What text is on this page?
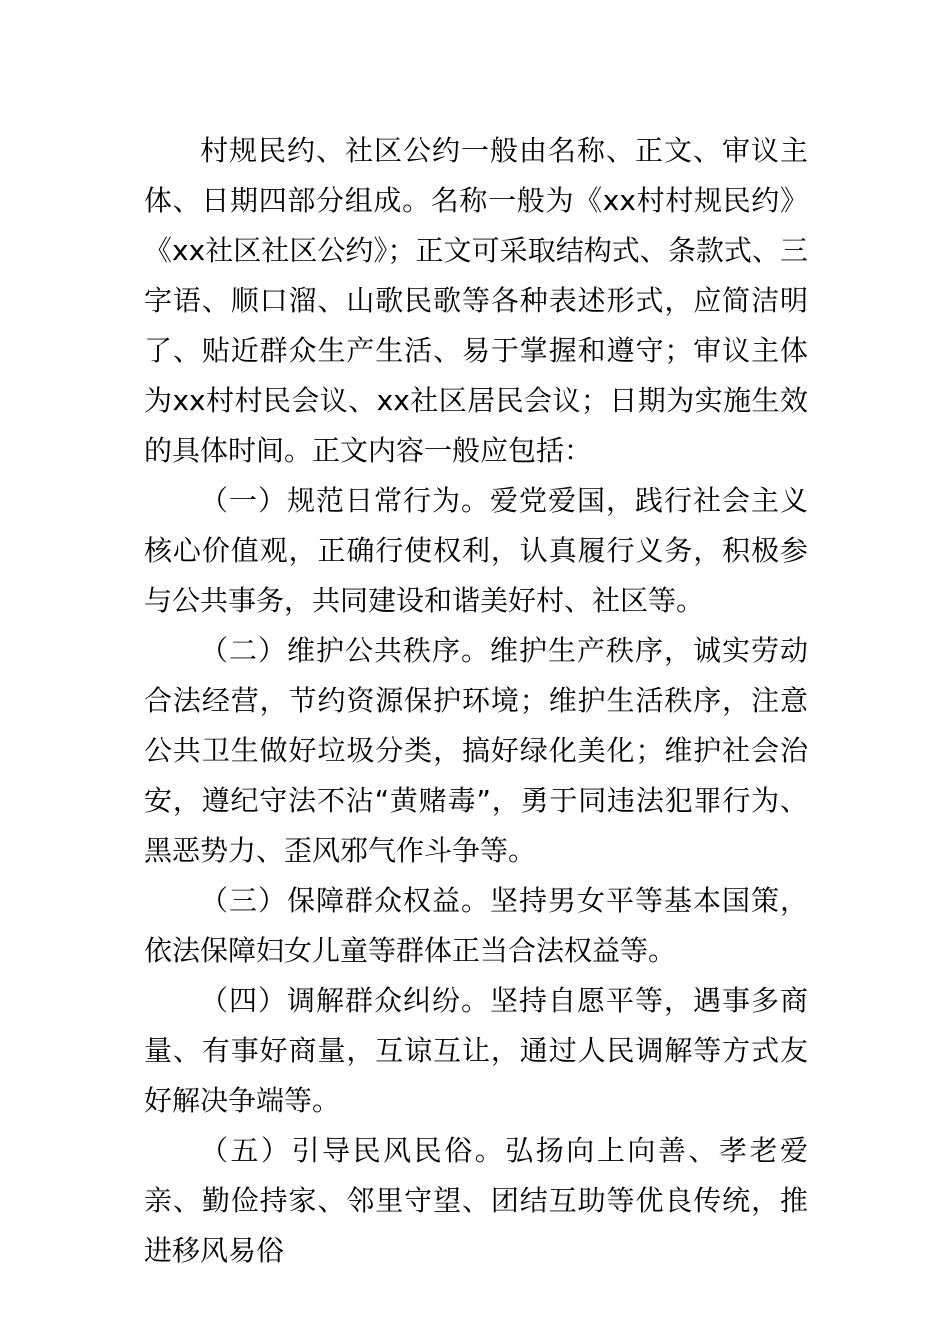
村规民约、社区公约一般由名称、正文、审议主体、日期四部分组成。名称一般为《xx村村规民约》《xx社区社区公约》；正文可采取结构式、条款式、三字语、顺口溜、山歌民歌等各种表述形式，应简洁明了、贴近群众生产生活、易于掌握和遵守；审议主体为xx村村民会议、xx社区居民会议；日期为实施生效的具体时间。正文内容一般应包括：

（一）规范日常行为。爱党爱国，践行社会主义核心价值观，正确行使权利，认真履行义务，积极参与公共事务，共同建设和谐美好村、社区等。

（二）维护公共秩序。维护生产秩序，诚实劳动合法经营，节约资源保护环境；维护生活秩序，注意公共卫生做好垃圾分类，搞好绿化美化；维护社会治安，遵纪守法不沾“黄赌毒”，勇于同违法犯罪行为、黑恶势力、歪风邪气作斗争等。

（三）保障群众权益。坚持男女平等基本国策，依法保障妇女儿童等群体正当合法权益等。

（四）调解群众纠纷。坚持自愿平等，遇事多商量、有事好商量，互谅互让，通过人民调解等方式友好解决争端等。

（五）引导民风民俗。弘扬向上向善、孝老爱亲、勤俭持家、邻里守望、团结互助等优良传统，推进移风易俗
